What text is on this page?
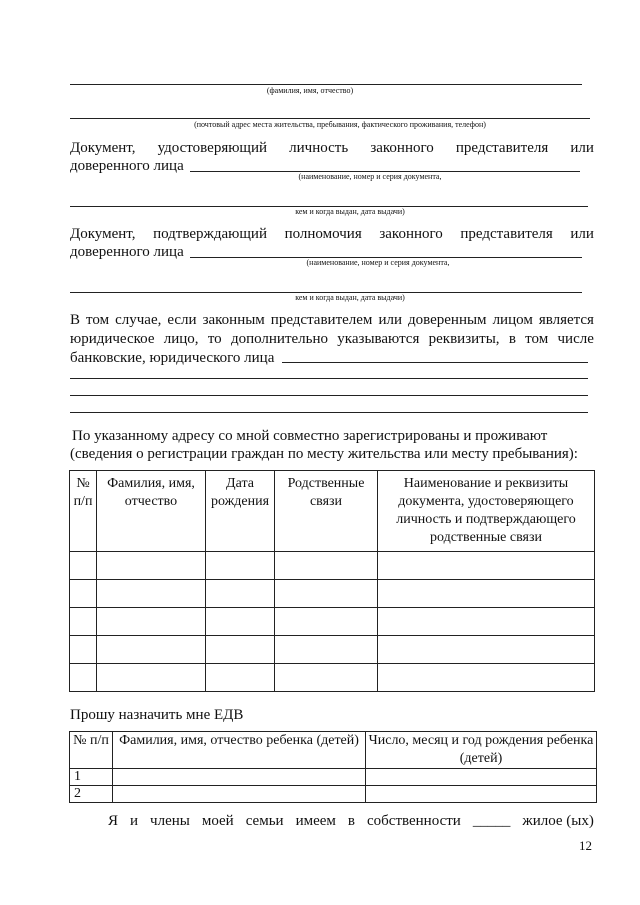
(фамилия, имя, отчество)
(почтовый адрес места жительства, пребывания, фактического проживания, телефон)
Документ, удостоверяющий личность законного представителя или
доверенного лица
(наименование, номер и серия документа,
кем и когда выдан, дата выдачи)
Документ, подтверждающий полномочия законного представителя или
доверенного лица
(наименование, номер и серия документа,
кем и когда выдан, дата выдачи)
В том случае, если законным представителем или доверенным лицом является
юридическое лицо, то дополнительно указываются реквизиты, в том числе
банковские, юридического лица
По указанному адресу со мной совместно зарегистрированы и проживают
(сведения о регистрации граждан по месту жительства или месту пребывания):
№ п/п	Фамилия, имя, отчество	Дата рождения	Родственные связи	Наименование и реквизиты документа, удостоверяющего личность и подтверждающего родственные связи

Прошу назначить мне ЕДВ
№ п/п	Фамилия, имя, отчество ребенка (детей)	Число, месяц и год рождения ребенка (детей)
1		
2		
Я и члены моей семьи имеем в собственности _____ жилое (ых)
12
